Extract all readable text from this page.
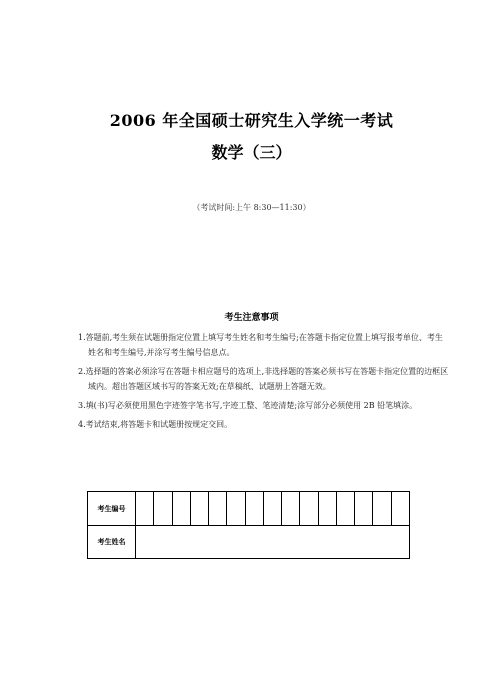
2006 年全国硕士研究生入学统一考试
数学（三）
（考试时间:上午 8:30—11:30）
考生注意事项

1.答题前,考生须在试题册指定位置上填写考生姓名和考生编号;在答题卡指定位置上填写报考单位、考生姓名和考生编号,并涂写考生编号信息点。

2.选择题的答案必须涂写在答题卡相应题号的选项上,非选择题的答案必须书写在答题卡指定位置的边框区域内。超出答题区域书写的答案无效;在草稿纸、试题册上答题无效。

3.填(书)写必须使用黑色字迹签字笔书写,字迹工整、笔迹清楚;涂写部分必须使用 2B 铅笔填涂。

4.考试结束,将答题卡和试题册按规定交回。

考生编号															
考生姓名															
